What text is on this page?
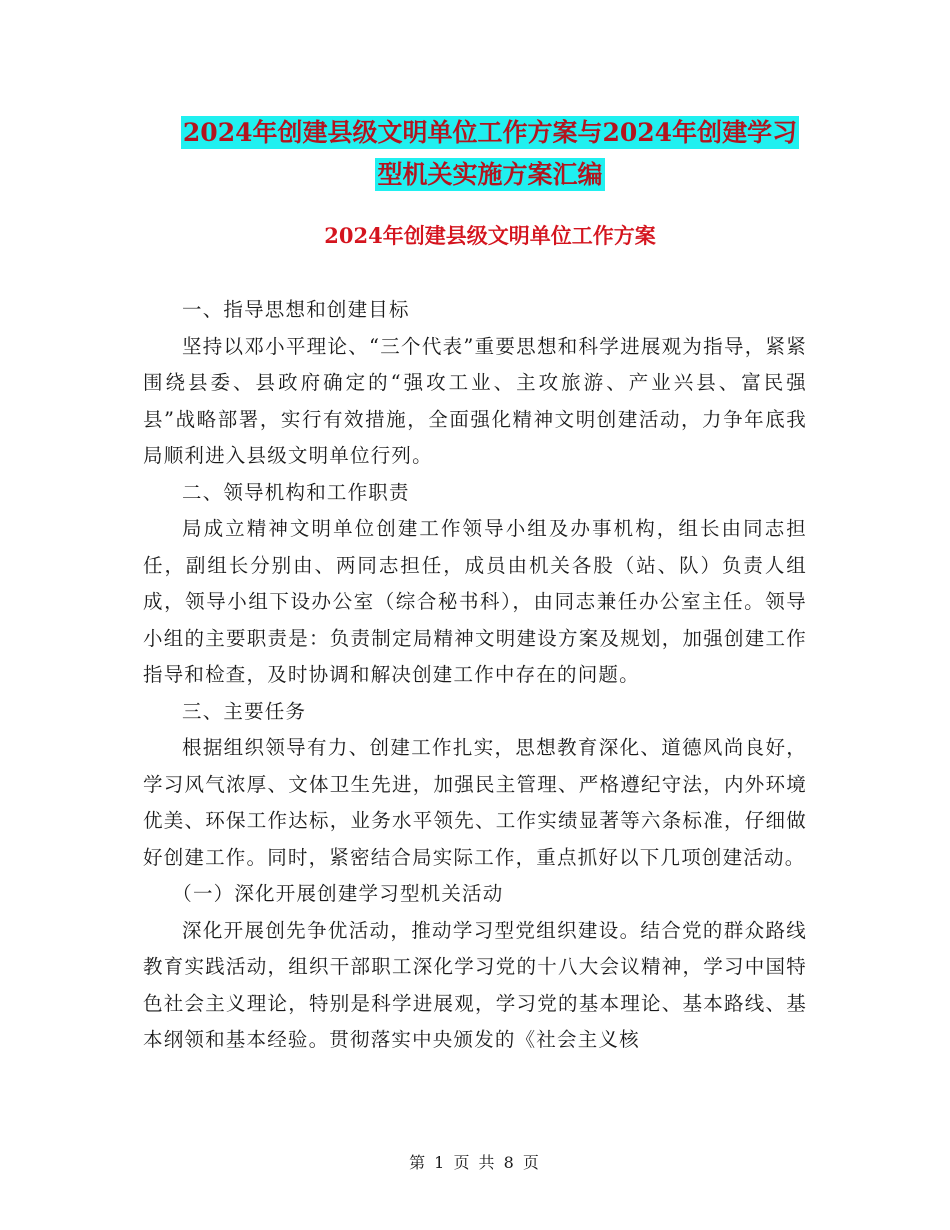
2024年创建县级文明单位工作方案与2024年创建学习
型机关实施方案汇编
2024年创建县级文明单位工作方案

一、指导思想和创建目标

坚持以邓小平理论、“三个代表”重要思想和科学进展观为指导，紧紧围绕县委、县政府确定的“强攻工业、主攻旅游、产业兴县、富民强县”战略部署，实行有效措施，全面强化精神文明创建活动，力争年底我局顺利进入县级文明单位行列。

二、领导机构和工作职责

局成立精神文明单位创建工作领导小组及办事机构，组长由同志担任，副组长分别由、两同志担任，成员由机关各股（站、队）负责人组成，领导小组下设办公室（综合秘书科），由同志兼任办公室主任。领导小组的主要职责是：负责制定局精神文明建设方案及规划，加强创建工作指导和检查，及时协调和解决创建工作中存在的问题。

三、主要任务

根据组织领导有力、创建工作扎实，思想教育深化、道德风尚良好，学习风气浓厚、文体卫生先进，加强民主管理、严格遵纪守法，内外环境优美、环保工作达标，业务水平领先、工作实绩显著等六条标准，仔细做好创建工作。同时，紧密结合局实际工作，重点抓好以下几项创建活动。

（一）深化开展创建学习型机关活动

深化开展创先争优活动，推动学习型党组织建设。结合党的群众路线教育实践活动，组织干部职工深化学习党的十八大会议精神，学习中国特色社会主义理论，特别是科学进展观，学习党的基本理论、基本路线、基本纲领和基本经验。贯彻落实中央颁发的《社会主义核

第 1 页 共 8 页
